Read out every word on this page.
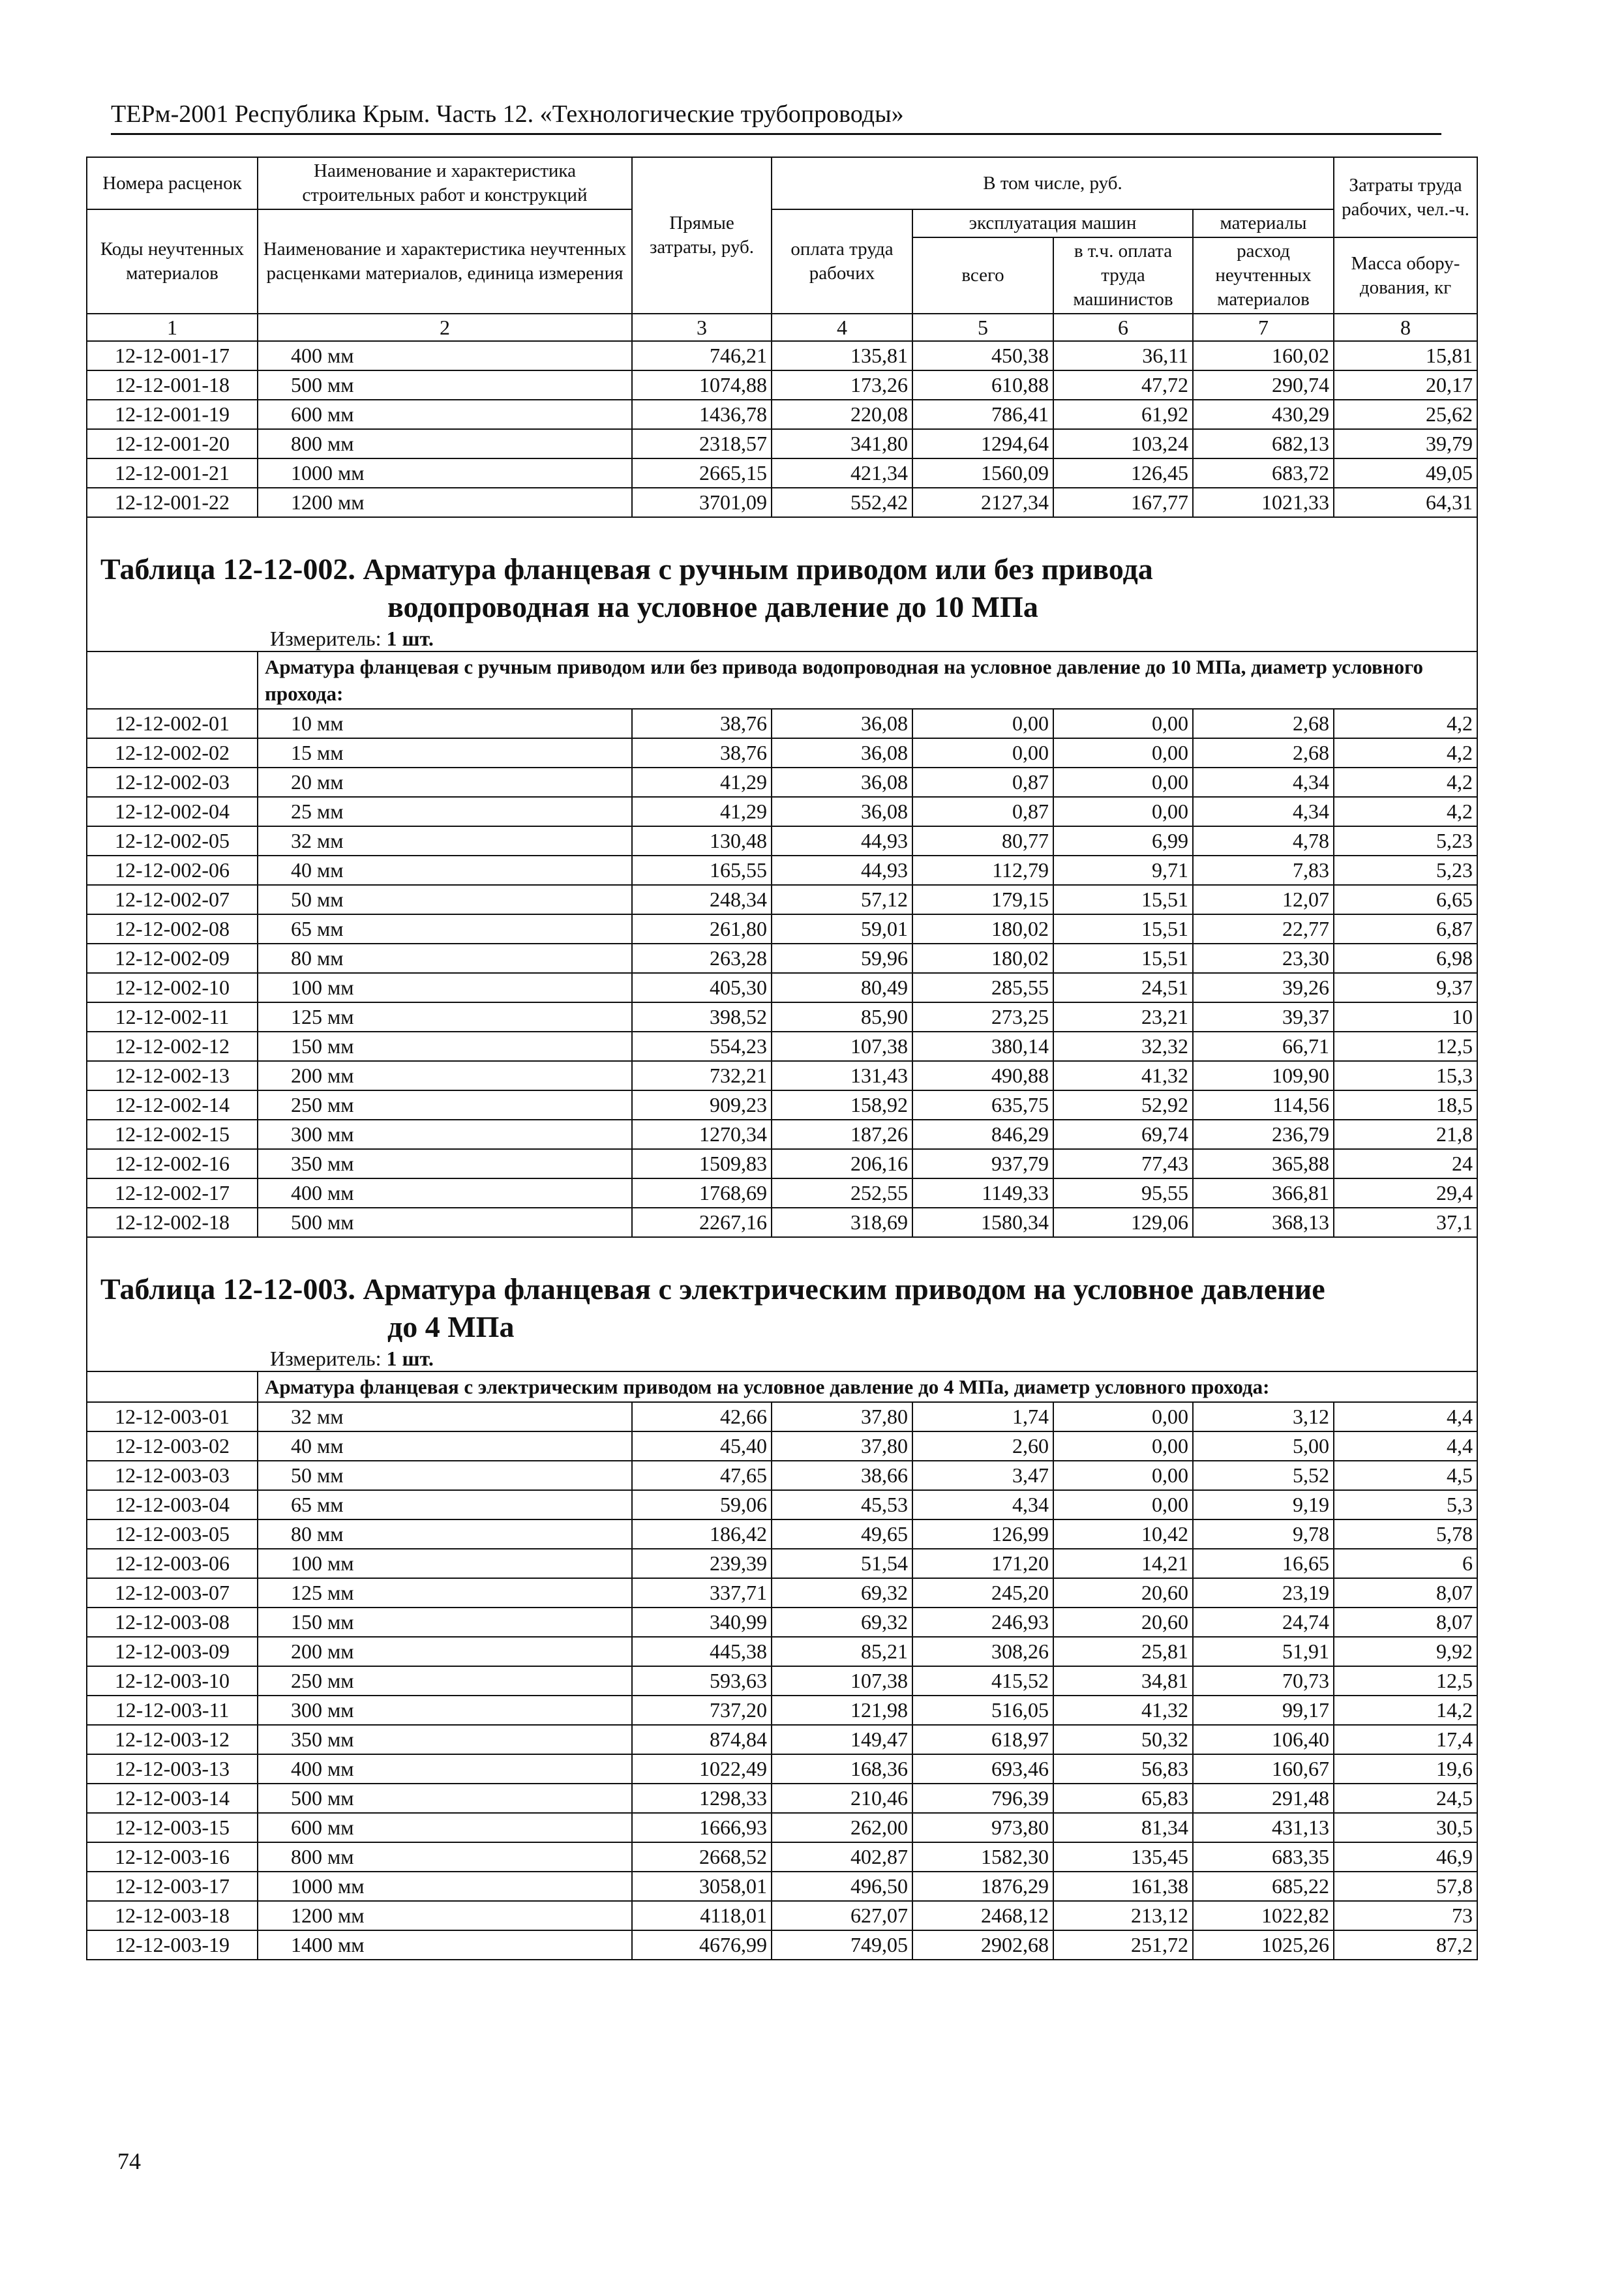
ТЕРм-2001 Республика Крым. Часть 12. «Технологические трубопроводы»
Номера расценок	Наименование и характеристика строительных работ и конструкций	Прямые затраты, руб.	В том числе, руб.				Затраты труда рабочих, чел.-ч.
Коды неучтенных материалов	Наименование и характеристика неучтенных расценками материалов, единица измерения		оплата труда рабочих	эксплуатация машин		материалы	
				всего	в т.ч. оплата труда машинистов	расход неучтенных материалов	Масса обору-дования, кг
1	2	3	4	5	6	7	8
12-12-001-17	400 мм	746,21	135,81	450,38	36,11	160,02	15,81
12-12-001-18	500 мм	1074,88	173,26	610,88	47,72	290,74	20,17
12-12-001-19	600 мм	1436,78	220,08	786,41	61,92	430,29	25,62
12-12-001-20	800 мм	2318,57	341,80	1294,64	103,24	682,13	39,79
12-12-001-21	1000 мм	2665,15	421,34	1560,09	126,45	683,72	49,05
12-12-001-22	1200 мм	3701,09	552,42	2127,34	167,77	1021,33	64,31

Таблица 12-12-002. Арматура фланцевая с ручным приводом или без привода
водопроводная на условное давление до 10 МПа							

Измеритель: 1 шт.							
	Арматура фланцевая с ручным приводом или без привода водопроводная на условное давление до 10 МПа, диаметр условного прохода:						
12-12-002-01	10 мм	38,76	36,08	0,00	0,00	2,68	4,2
12-12-002-02	15 мм	38,76	36,08	0,00	0,00	2,68	4,2
12-12-002-03	20 мм	41,29	36,08	0,87	0,00	4,34	4,2
12-12-002-04	25 мм	41,29	36,08	0,87	0,00	4,34	4,2
12-12-002-05	32 мм	130,48	44,93	80,77	6,99	4,78	5,23
12-12-002-06	40 мм	165,55	44,93	112,79	9,71	7,83	5,23
12-12-002-07	50 мм	248,34	57,12	179,15	15,51	12,07	6,65
12-12-002-08	65 мм	261,80	59,01	180,02	15,51	22,77	6,87
12-12-002-09	80 мм	263,28	59,96	180,02	15,51	23,30	6,98
12-12-002-10	100 мм	405,30	80,49	285,55	24,51	39,26	9,37
12-12-002-11	125 мм	398,52	85,90	273,25	23,21	39,37	10
12-12-002-12	150 мм	554,23	107,38	380,14	32,32	66,71	12,5
12-12-002-13	200 мм	732,21	131,43	490,88	41,32	109,90	15,3
12-12-002-14	250 мм	909,23	158,92	635,75	52,92	114,56	18,5
12-12-002-15	300 мм	1270,34	187,26	846,29	69,74	236,79	21,8
12-12-002-16	350 мм	1509,83	206,16	937,79	77,43	365,88	24
12-12-002-17	400 мм	1768,69	252,55	1149,33	95,55	366,81	29,4
12-12-002-18	500 мм	2267,16	318,69	1580,34	129,06	368,13	37,1

Таблица 12-12-003. Арматура фланцевая с электрическим приводом на условное давление
до 4 МПа							

Измеритель: 1 шт.							
	Арматура фланцевая с электрическим приводом на условное давление до 4 МПа, диаметр условного прохода:						
12-12-003-01	32 мм	42,66	37,80	1,74	0,00	3,12	4,4
12-12-003-02	40 мм	45,40	37,80	2,60	0,00	5,00	4,4
12-12-003-03	50 мм	47,65	38,66	3,47	0,00	5,52	4,5
12-12-003-04	65 мм	59,06	45,53	4,34	0,00	9,19	5,3
12-12-003-05	80 мм	186,42	49,65	126,99	10,42	9,78	5,78
12-12-003-06	100 мм	239,39	51,54	171,20	14,21	16,65	6
12-12-003-07	125 мм	337,71	69,32	245,20	20,60	23,19	8,07
12-12-003-08	150 мм	340,99	69,32	246,93	20,60	24,74	8,07
12-12-003-09	200 мм	445,38	85,21	308,26	25,81	51,91	9,92
12-12-003-10	250 мм	593,63	107,38	415,52	34,81	70,73	12,5
12-12-003-11	300 мм	737,20	121,98	516,05	41,32	99,17	14,2
12-12-003-12	350 мм	874,84	149,47	618,97	50,32	106,40	17,4
12-12-003-13	400 мм	1022,49	168,36	693,46	56,83	160,67	19,6
12-12-003-14	500 мм	1298,33	210,46	796,39	65,83	291,48	24,5
12-12-003-15	600 мм	1666,93	262,00	973,80	81,34	431,13	30,5
12-12-003-16	800 мм	2668,52	402,87	1582,30	135,45	683,35	46,9
12-12-003-17	1000 мм	3058,01	496,50	1876,29	161,38	685,22	57,8
12-12-003-18	1200 мм	4118,01	627,07	2468,12	213,12	1022,82	73
12-12-003-19	1400 мм	4676,99	749,05	2902,68	251,72	1025,26	87,2
74
